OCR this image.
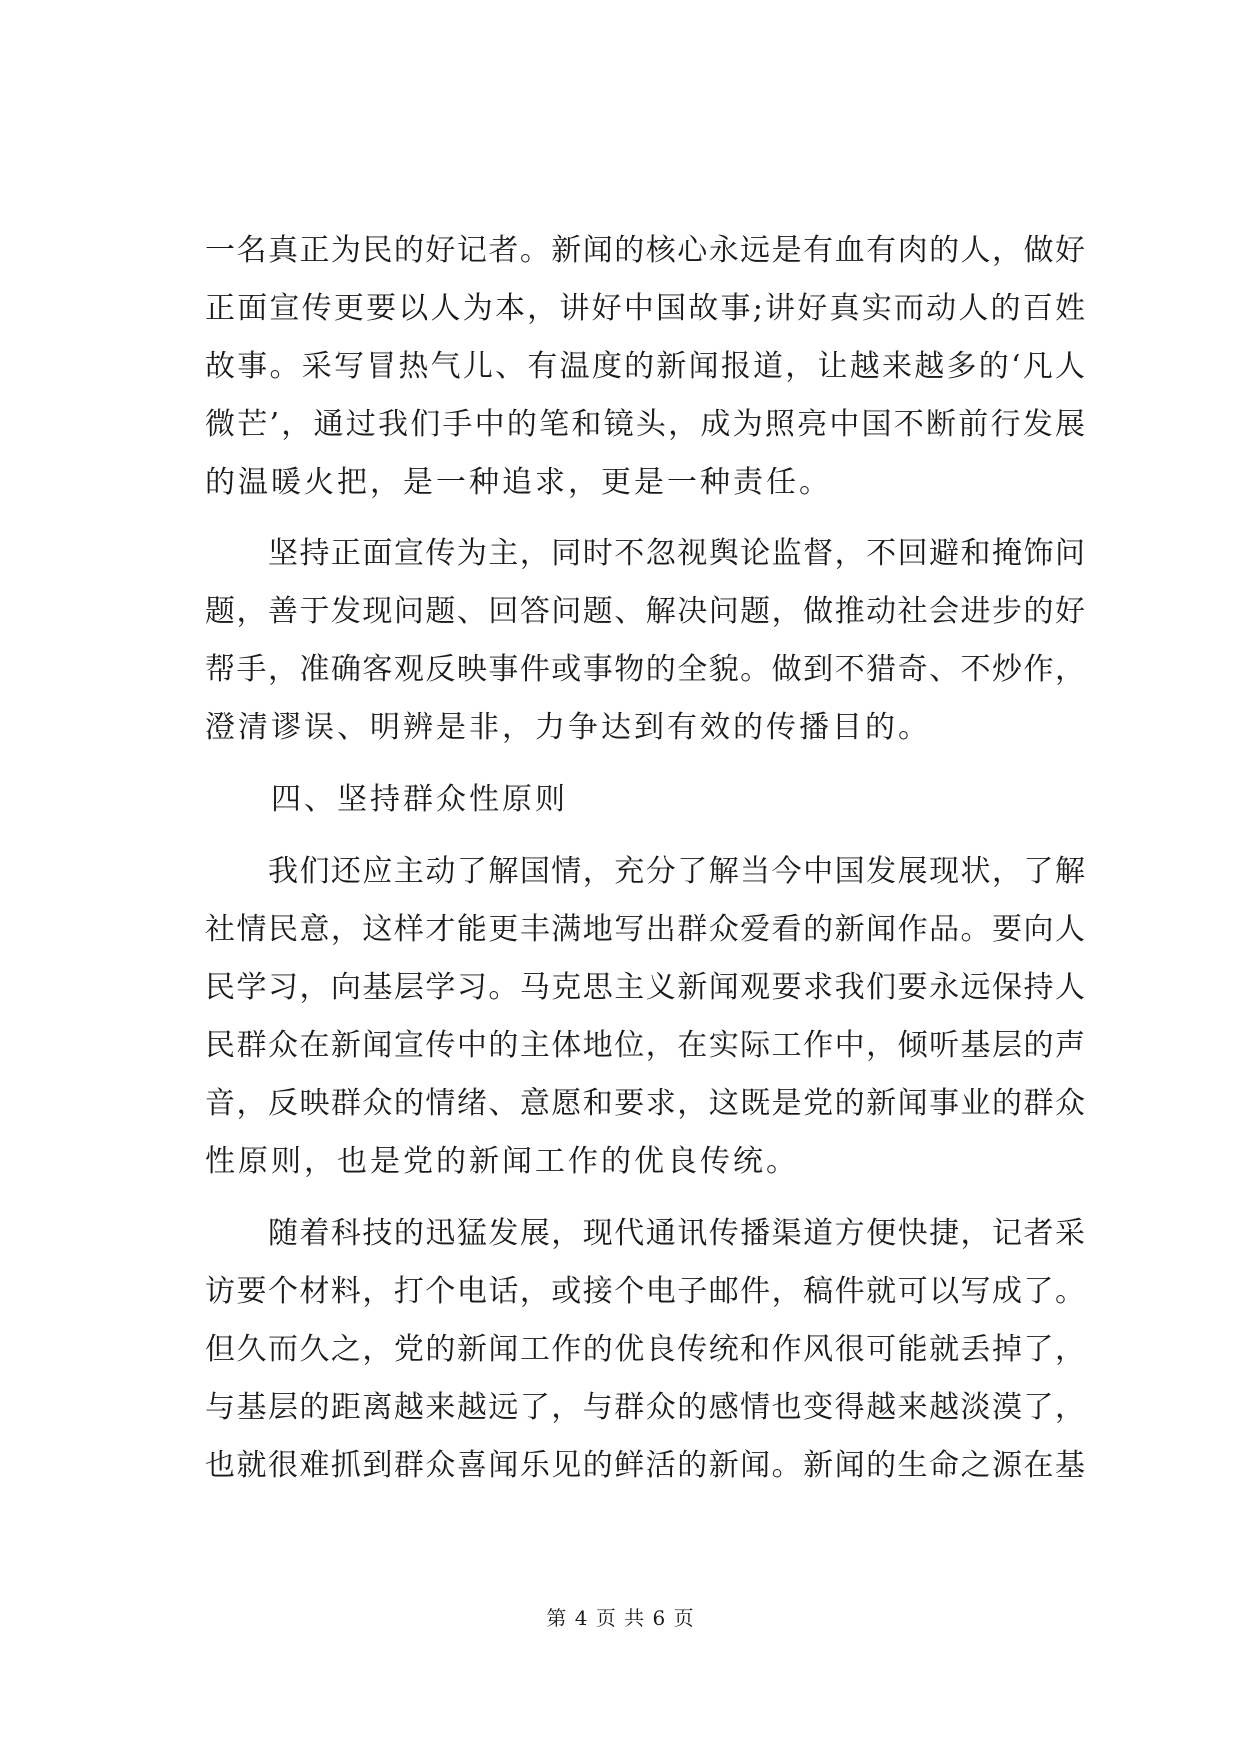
一名真正为民的好记者。新闻的核心永远是有血有肉的人，做好
正面宣传更要以人为本，讲好中国故事;讲好真实而动人的百姓
故事。采写冒热气儿、有温度的新闻报道，让越来越多的‘凡人
微芒’，通过我们手中的笔和镜头，成为照亮中国不断前行发展
的温暖火把，是一种追求，更是一种责任。
　　坚持正面宣传为主，同时不忽视舆论监督，不回避和掩饰问
题，善于发现问题、回答问题、解决问题，做推动社会进步的好
帮手，准确客观反映事件或事物的全貌。做到不猎奇、不炒作，
澄清谬误、明辨是非，力争达到有效的传播目的。
　　四、坚持群众性原则
　　我们还应主动了解国情，充分了解当今中国发展现状，了解
社情民意，这样才能更丰满地写出群众爱看的新闻作品。要向人
民学习，向基层学习。马克思主义新闻观要求我们要永远保持人
民群众在新闻宣传中的主体地位，在实际工作中，倾听基层的声
音，反映群众的情绪、意愿和要求，这既是党的新闻事业的群众
性原则，也是党的新闻工作的优良传统。
　　随着科技的迅猛发展，现代通讯传播渠道方便快捷，记者采
访要个材料，打个电话，或接个电子邮件，稿件就可以写成了。
但久而久之，党的新闻工作的优良传统和作风很可能就丢掉了，
与基层的距离越来越远了，与群众的感情也变得越来越淡漠了，
也就很难抓到群众喜闻乐见的鲜活的新闻。新闻的生命之源在基
第 4 页 共 6 页
